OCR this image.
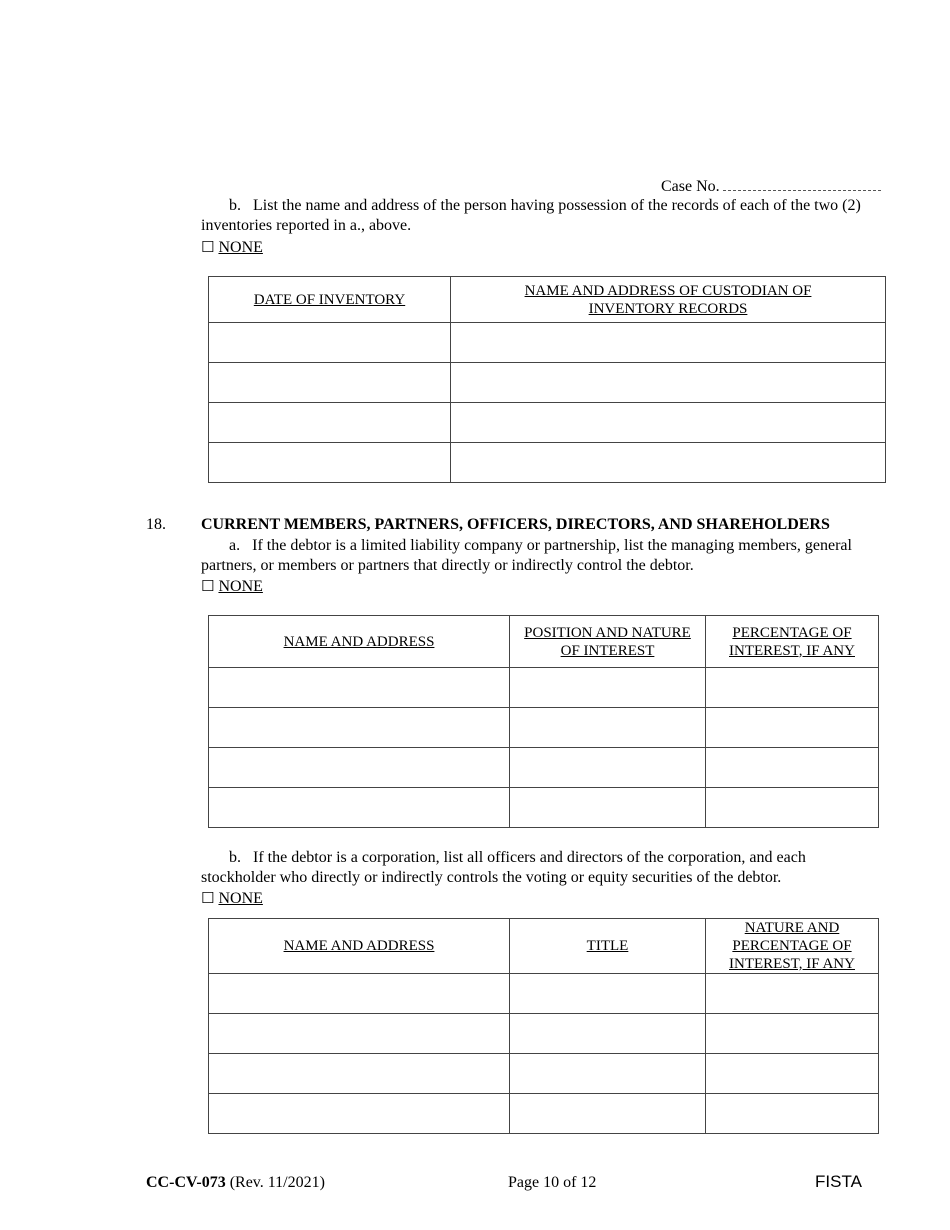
Case No.
b. List the name and address of the person having possession of the records of each of the two (2) inventories reported in a., above.
☐ NONE
DATE OF INVENTORY	NAME AND ADDRESS OF CUSTODIAN OF INVENTORY RECORDS

18. CURRENT MEMBERS, PARTNERS, OFFICERS, DIRECTORS, AND SHAREHOLDERS
a. If the debtor is a limited liability company or partnership, list the managing members, general partners, or members or partners that directly or indirectly control the debtor.
☐ NONE
NAME AND ADDRESS	POSITION AND NATURE OF INTEREST	PERCENTAGE OF INTEREST, IF ANY

b. If the debtor is a corporation, list all officers and directors of the corporation, and each stockholder who directly or indirectly controls the voting or equity securities of the debtor.
☐ NONE
NAME AND ADDRESS	TITLE	NATURE AND PERCENTAGE OF INTEREST, IF ANY

CC-CV-073 (Rev. 11/2021)	Page 10 of 12	FISTA
